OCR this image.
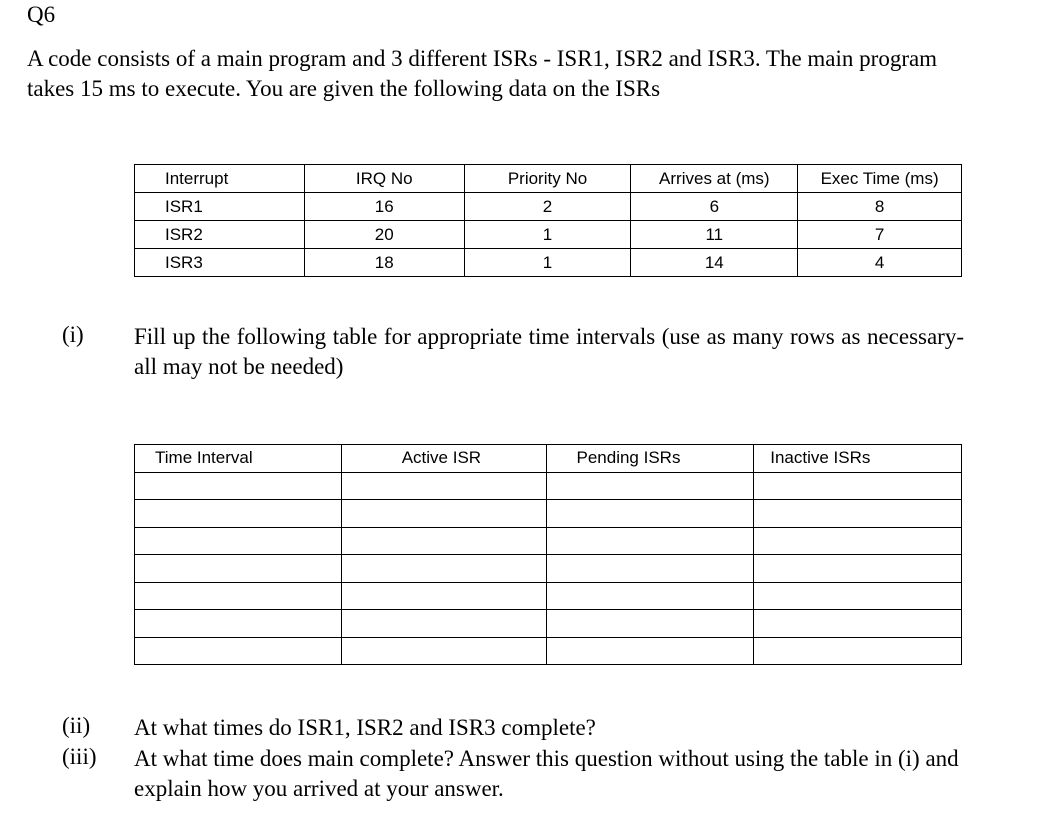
Q6
A code consists of a main program and 3 different ISRs - ISR1, ISR2 and ISR3. The main program takes 15 ms to execute. You are given the following data on the ISRs
Interrupt	IRQ No	Priority No	Arrives at (ms)	Exec Time (ms)
ISR1	16	2	6	8
ISR2	20	1	11	7
ISR3	18	1	14	4
(i) Fill up the following table for appropriate time intervals (use as many rows as necessary- all may not be needed)
Time Interval	Active ISR	Pending ISRs	Inactive ISRs

(ii) At what times do ISR1, ISR2 and ISR3 complete?
(iii) At what time does main complete? Answer this question without using the table in (i) and explain how you arrived at your answer.
